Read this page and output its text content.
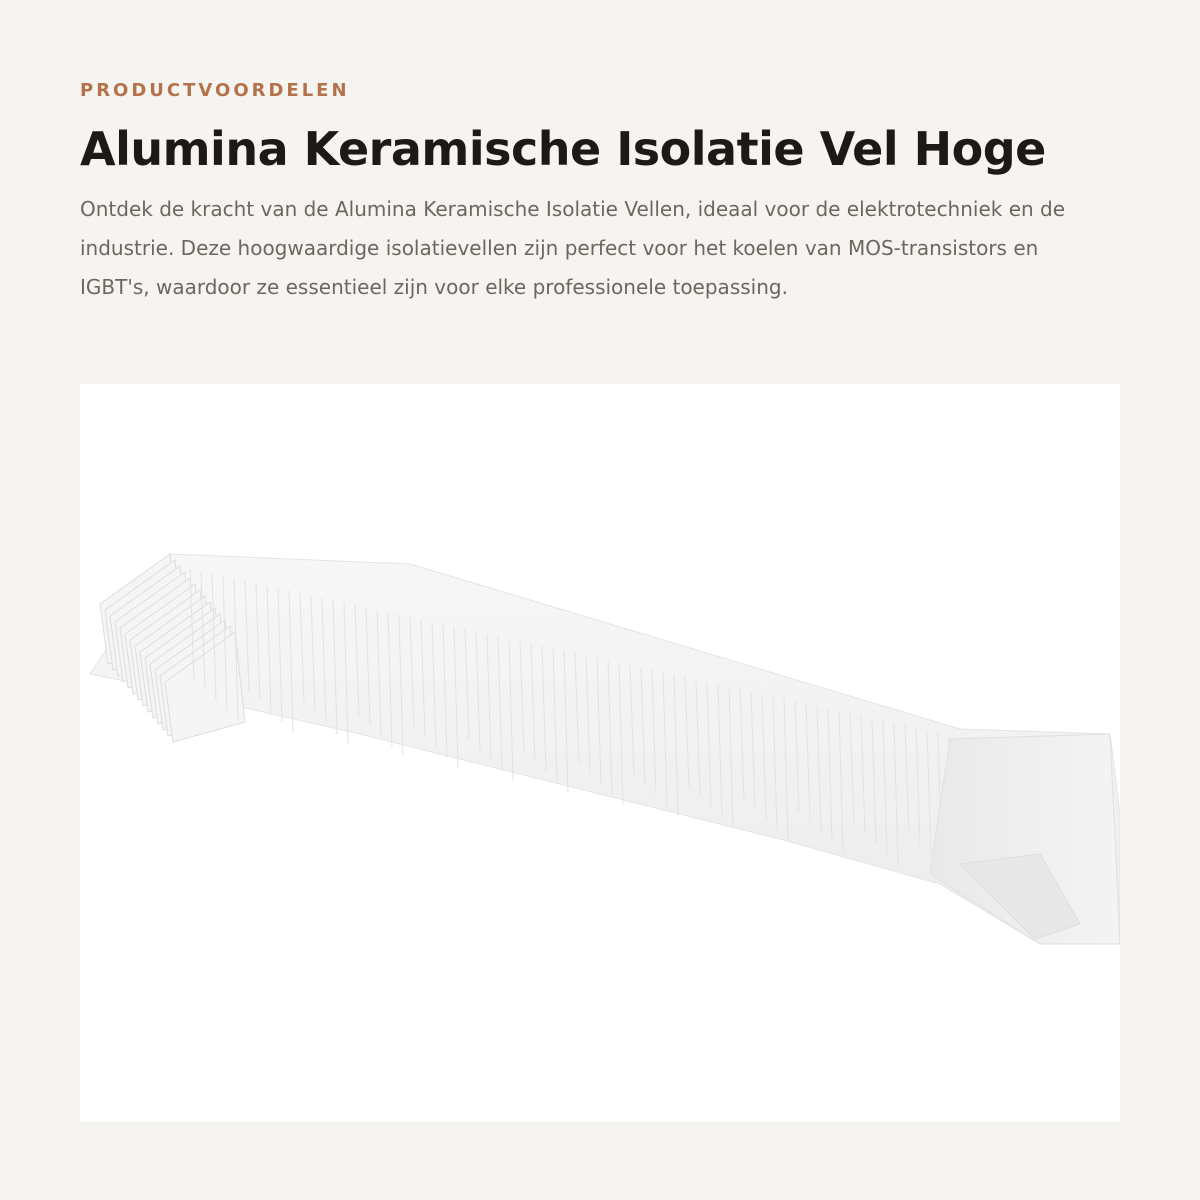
PRODUCTVOORDELEN

Alumina Keramische Isolatie Vel Hoge

Ontdek de kracht van de Alumina Keramische Isolatie Vellen, ideaal voor de elektrotechniek en de industrie. Deze hoogwaardige isolatievellen zijn perfect voor het koelen van MOS-transistors en IGBT's, waardoor ze essentieel zijn voor elke professionele toepassing.
